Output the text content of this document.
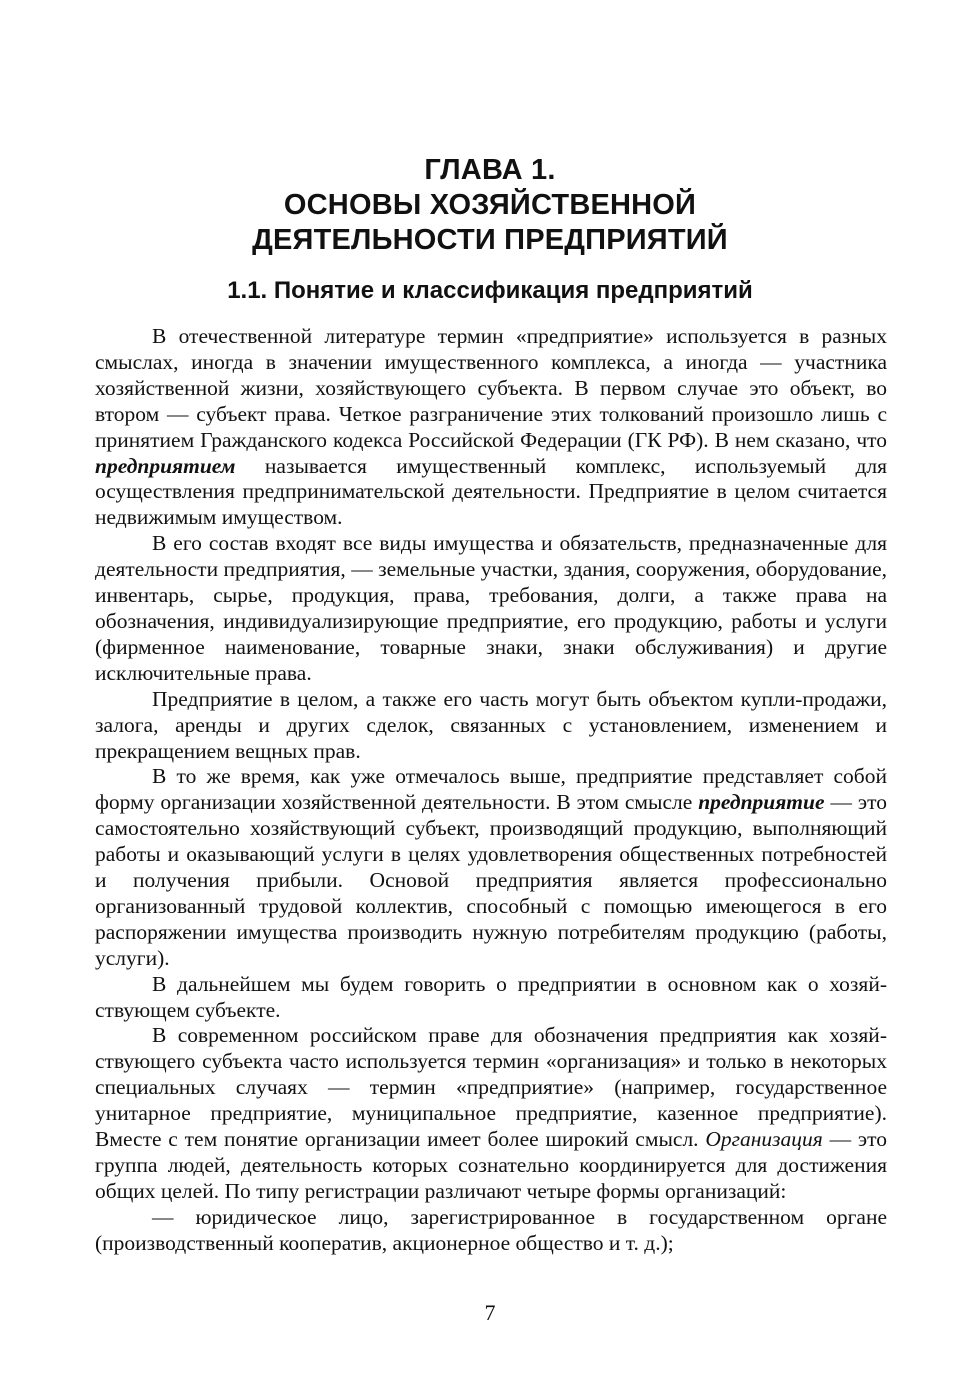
ГЛАВА 1.
ОСНОВЫ ХОЗЯЙСТВЕННОЙ
ДЕЯТЕЛЬНОСТИ ПРЕДПРИЯТИЙ
1.1. Понятие и классификация предприятий

В отечественной литературе термин «предприятие» используется в разных смыслах, иногда в значении имущественного комплекса, а иногда — участника хозяйственной жизни, хозяйствующего субъекта. В первом случае это объект, во втором — субъект права. Четкое разграничение этих толкований произошло лишь с принятием Гражданского кодекса Российской Федерации (ГК РФ). В нем сказано, что предприятием называется имущественный комплекс, используемый для осуществления предпринимательской деятельности. Предприятие в целом считается недвижимым имуществом.

В его состав входят все виды имущества и обязательств, предназначенные для деятельности предприятия, — земельные участки, здания, сооружения, оборудование, инвентарь, сырье, продукция, права, требования, долги, а также права на обозначения, индивидуализирующие предприятие, его продукцию, работы и услуги (фирменное наименование, товарные знаки, знаки обслуживания) и другие исключительные права.

Предприятие в целом, а также его часть могут быть объектом купли-продажи, залога, аренды и других сделок, связанных с установлением, изменением и прекращением вещных прав.

В то же время, как уже отмечалось выше, предприятие представляет собой форму организации хозяйственной деятельности. В этом смысле предприятие — это самостоятельно хозяйствующий субъект, производящий продукцию, выполняющий работы и оказывающий услуги в целях удовлетворения общественных потребностей и получения прибыли. Основой предприятия является профессионально организованный трудовой коллектив, способный с помощью имеющегося в его распоряжении имущества производить нужную потребителям продукцию (работы, услуги).

В дальнейшем мы будем говорить о предприятии в основном как о хозяйствующем субъекте.

В современном российском праве для обозначения предприятия как хозяйствующего субъекта часто используется термин «организация» и только в некоторых специальных случаях — термин «предприятие» (например, государственное унитарное предприятие, муниципальное предприятие, казенное предприятие). Вместе с тем понятие организации имеет более широкий смысл. Организация — это группа людей, деятельность которых сознательно координируется для достижения общих целей. По типу регистрации различают четыре формы организаций:

— юридическое лицо, зарегистрированное в государственном органе (производственный кооператив, акционерное общество и т. д.);

7
